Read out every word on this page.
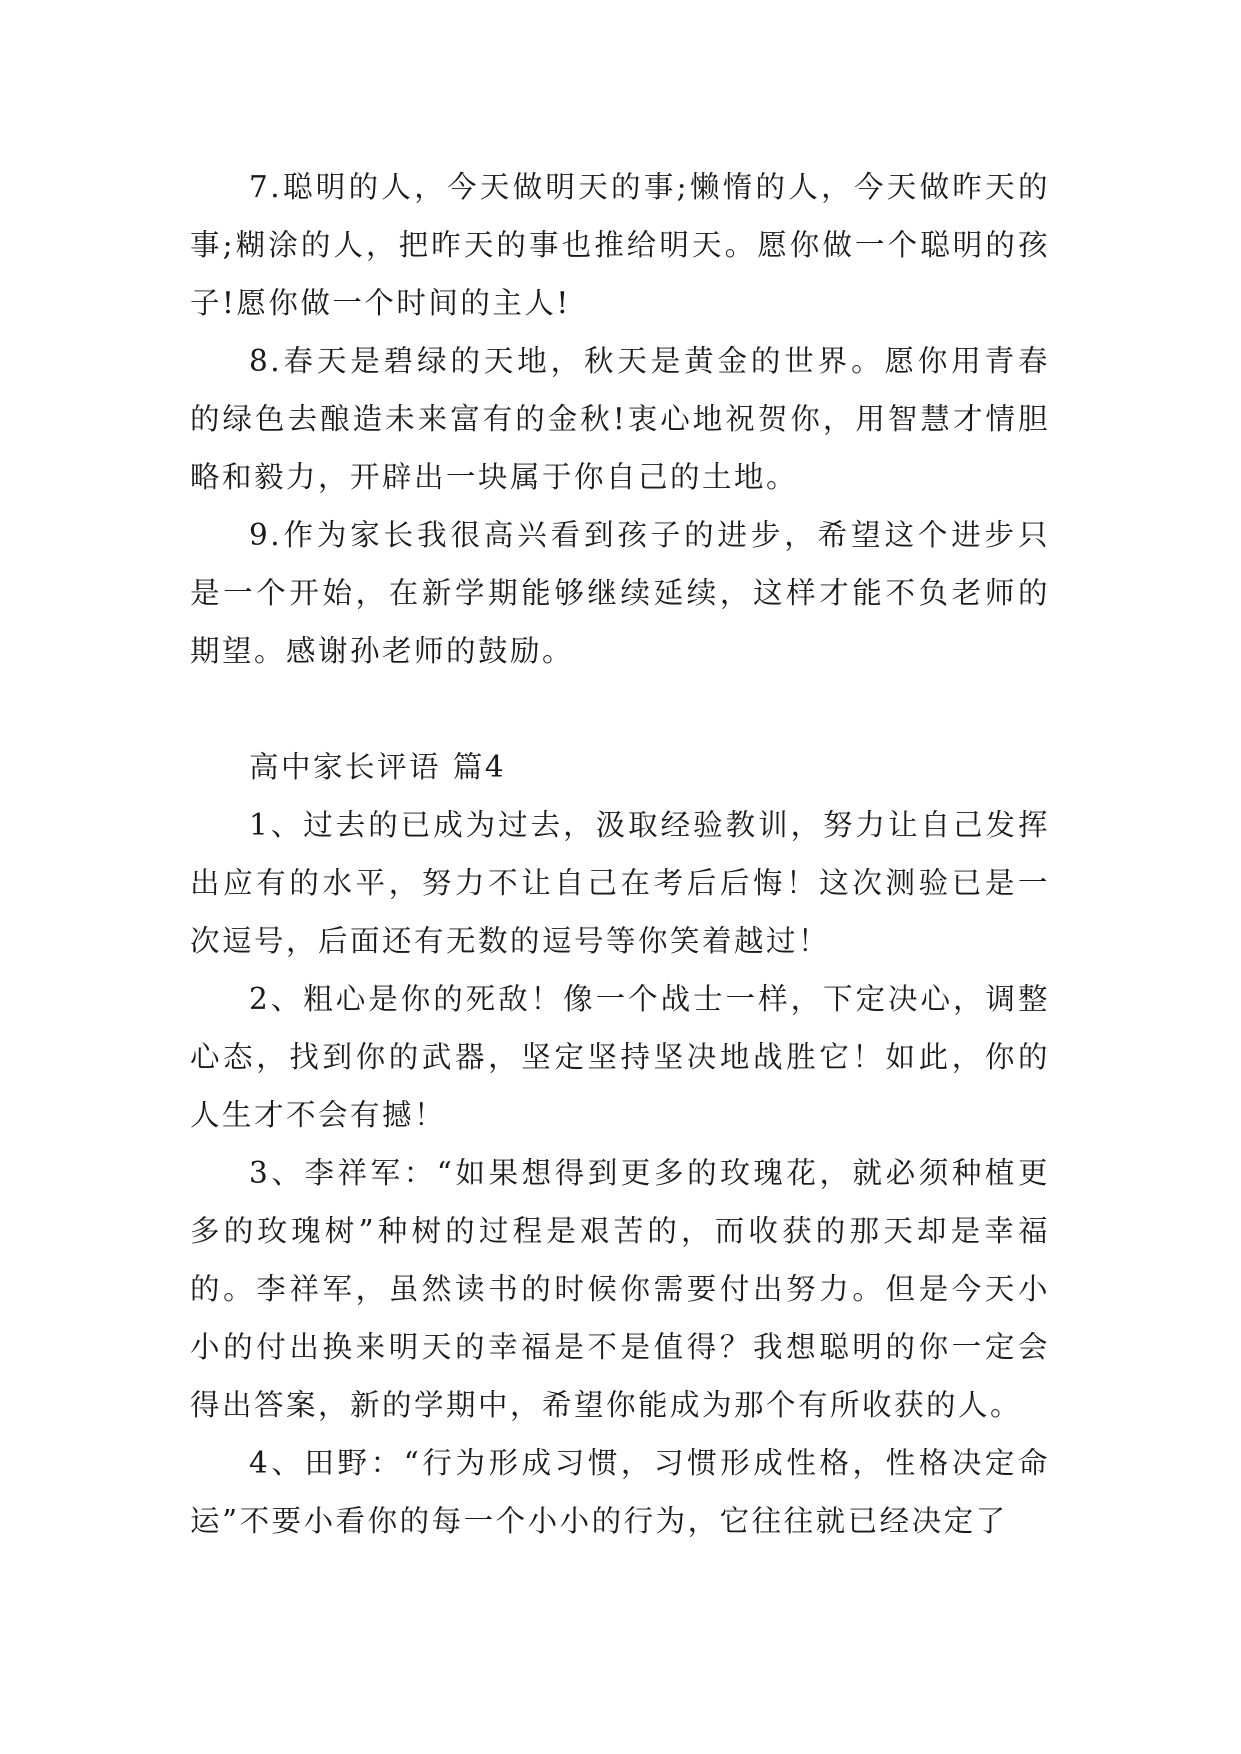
7.聪明的人，今天做明天的事;懒惰的人，今天做昨天的事;糊涂的人，把昨天的事也推给明天。愿你做一个聪明的孩子!愿你做一个时间的主人!

8.春天是碧绿的天地，秋天是黄金的世界。愿你用青春的绿色去酿造未来富有的金秋!衷心地祝贺你，用智慧才情胆略和毅力，开辟出一块属于你自己的土地。

9.作为家长我很高兴看到孩子的进步，希望这个进步只是一个开始，在新学期能够继续延续，这样才能不负老师的期望。感谢孙老师的鼓励。

高中家长评语 篇4

1、过去的已成为过去，汲取经验教训，努力让自己发挥出应有的水平，努力不让自己在考后后悔！这次测验已是一次逗号，后面还有无数的逗号等你笑着越过！

2、粗心是你的死敌！像一个战士一样，下定决心，调整心态，找到你的武器，坚定坚持坚决地战胜它！如此，你的人生才不会有撼！

3、李祥军：“如果想得到更多的玫瑰花，就必须种植更多的玫瑰树”种树的过程是艰苦的，而收获的那天却是幸福的。李祥军，虽然读书的时候你需要付出努力。但是今天小小的付出换来明天的幸福是不是值得？我想聪明的你一定会得出答案，新的学期中，希望你能成为那个有所收获的人。

4、田野：“行为形成习惯，习惯形成性格，性格决定命运”不要小看你的每一个小小的行为，它往往就已经决定了
